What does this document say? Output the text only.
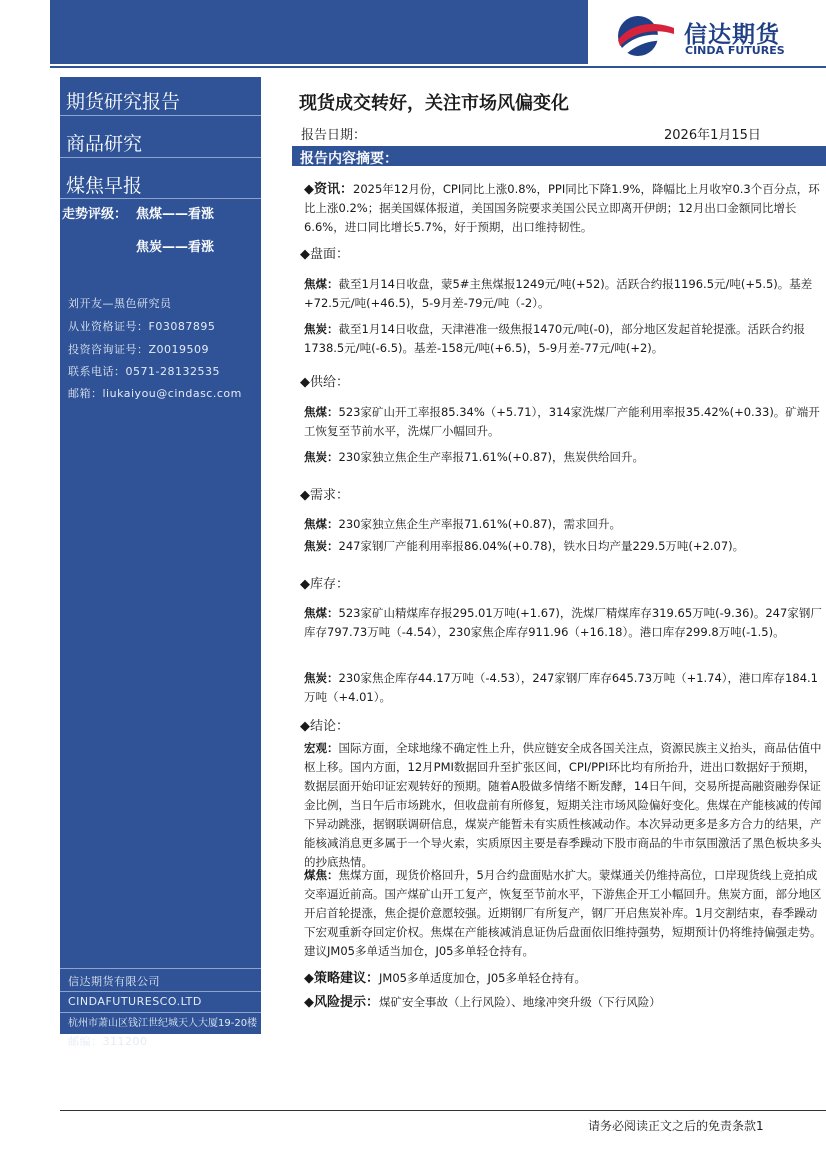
信达期货
CINDA FUTURES
期货研究报告
商品研究
煤焦早报
走势评级： 焦煤——看涨
焦炭——看涨
刘开友—黑色研究员
从业资格证号：F03087895
投资咨询证号：Z0019509
联系电话：0571-28132535
邮箱：liukaiyou@cindasc.com
信达期货有限公司
CINDAFUTURESCO.LTD
杭州市萧山区钱江世纪城天人大厦19-20楼
邮编：311200
现货成交转好，关注市场风偏变化
报告日期：	2026年1月15日
报告内容摘要：
◆资讯：2025年12月份，CPI同比上涨0.8%，PPI同比下降1.9%，降幅比上月收窄0.3个百分点，环比上涨0.2%；据美国媒体报道，美国国务院要求美国公民立即离开伊朗；12月出口金额同比增长6.6%，进口同比增长5.7%，好于预期，出口维持韧性。
◆盘面：
焦煤：截至1月14日收盘，蒙5#主焦煤报1249元/吨(+52)。活跃合约报1196.5元/吨(+5.5)。基差+72.5元/吨(+46.5)，5-9月差-79元/吨（-2）。
焦炭：截至1月14日收盘，天津港准一级焦报1470元/吨(-0)，部分地区发起首轮提涨。活跃合约报1738.5元/吨(-6.5)。基差-158元/吨(+6.5)，5-9月差-77元/吨(+2)。
◆供给：
焦煤：523家矿山开工率报85.34%（+5.71），314家洗煤厂产能利用率报35.42%(+0.33)。矿端开工恢复至节前水平，洗煤厂小幅回升。
焦炭：230家独立焦企生产率报71.61%(+0.87)，焦炭供给回升。
◆需求：
焦煤：230家独立焦企生产率报71.61%(+0.87)，需求回升。
焦炭：247家钢厂产能利用率报86.04%(+0.78)，铁水日均产量229.5万吨(+2.07)。
◆库存：
焦煤：523家矿山精煤库存报295.01万吨(+1.67)，洗煤厂精煤库存319.65万吨(-9.36)。247家钢厂库存797.73万吨（-4.54），230家焦企库存911.96（+16.18）。港口库存299.8万吨(-1.5)。
焦炭：230家焦企库存44.17万吨（-4.53），247家钢厂库存645.73万吨（+1.74），港口库存184.1万吨（+4.01）。
◆结论：
宏观：国际方面，全球地缘不确定性上升，供应链安全成各国关注点，资源民族主义抬头，商品估值中枢上移。国内方面，12月PMI数据回升至扩张区间，CPI/PPI环比均有所抬升，进出口数据好于预期，数据层面开始印证宏观转好的预期。随着A股做多情绪不断发酵，14日午间，交易所提高融资融券保证金比例，当日午后市场跳水，但收盘前有所修复，短期关注市场风险偏好变化。焦煤在产能核减的传闻下异动跳涨，据钢联调研信息，煤炭产能暂未有实质性核减动作。本次异动更多是多方合力的结果，产能核减消息更多属于一个导火索，实质原因主要是春季躁动下股市商品的牛市氛围激活了黑色板块多头的抄底热情。
煤焦：焦煤方面，现货价格回升，5月合约盘面贴水扩大。蒙煤通关仍维持高位，口岸现货线上竞拍成交率逼近前高。国产煤矿山开工复产，恢复至节前水平，下游焦企开工小幅回升。焦炭方面，部分地区开启首轮提涨，焦企提价意愿较强。近期钢厂有所复产，钢厂开启焦炭补库。1月交割结束，春季躁动下宏观重新夺回定价权。焦煤在产能核减消息证伪后盘面依旧维持强势，短期预计仍将维持偏强走势。建议JM05多单适当加仓，J05多单轻仓持有。
◆策略建议：JM05多单适度加仓，J05多单轻仓持有。
◆风险提示：煤矿安全事故（上行风险）、地缘冲突升级（下行风险）
请务必阅读正文之后的免责条款1
